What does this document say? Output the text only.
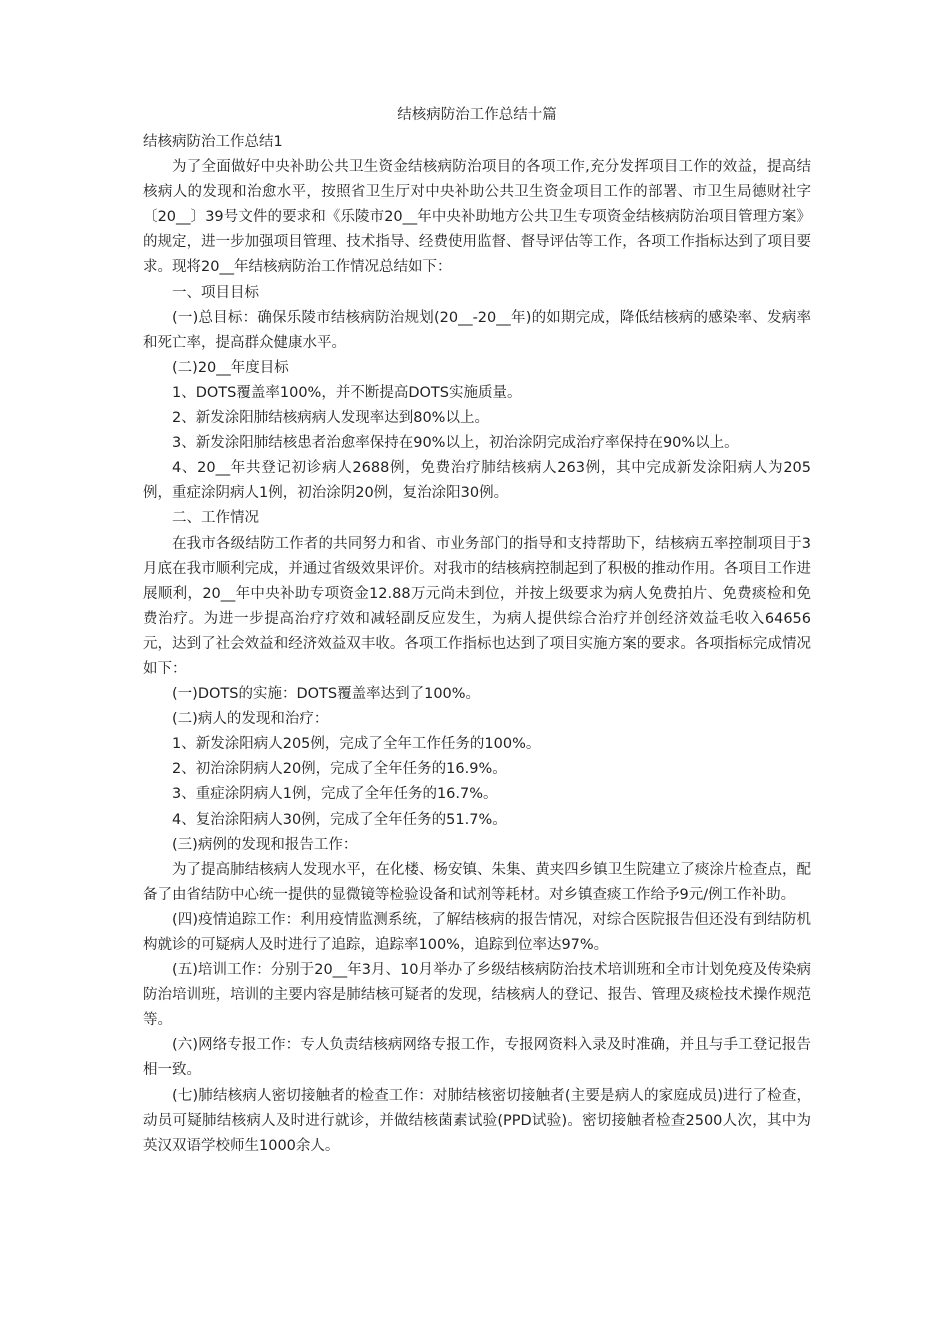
结核病防治工作总结十篇

结核病防治工作总结1

为了全面做好中央补助公共卫生资金结核病防治项目的各项工作,充分发挥项目工作的效益，提高结核病人的发现和治愈水平，按照省卫生厅对中央补助公共卫生资金项目工作的部署、市卫生局德财社字〔20__〕39号文件的要求和《乐陵市20__年中央补助地方公共卫生专项资金结核病防治项目管理方案》的规定，进一步加强项目管理、技术指导、经费使用监督、督导评估等工作，各项工作指标达到了项目要求。现将20__年结核病防治工作情况总结如下：

一、项目目标

(一)总目标：确保乐陵市结核病防治规划(20__-20__年)的如期完成，降低结核病的感染率、发病率和死亡率，提高群众健康水平。

(二)20__年度目标

1、DOTS覆盖率100%，并不断提高DOTS实施质量。

2、新发涂阳肺结核病病人发现率达到80%以上。

3、新发涂阳肺结核患者治愈率保持在90%以上，初治涂阴完成治疗率保持在90%以上。

4、20__年共登记初诊病人2688例，免费治疗肺结核病人263例，其中完成新发涂阳病人为205例，重症涂阴病人1例，初治涂阴20例，复治涂阳30例。

二、工作情况

在我市各级结防工作者的共同努力和省、市业务部门的指导和支持帮助下，结核病五率控制项目于3月底在我市顺利完成，并通过省级效果评价。对我市的结核病控制起到了积极的推动作用。各项目工作进展顺利，20__年中央补助专项资金12.88万元尚未到位，并按上级要求为病人免费拍片、免费痰检和免费治疗。为进一步提高治疗疗效和减轻副反应发生，为病人提供综合治疗并创经济效益毛收入64656元，达到了社会效益和经济效益双丰收。各项工作指标也达到了项目实施方案的要求。各项指标完成情况如下：

(一)DOTS的实施：DOTS覆盖率达到了100%。

(二)病人的发现和治疗：

1、新发涂阳病人205例，完成了全年工作任务的100%。

2、初治涂阴病人20例，完成了全年任务的16.9%。

3、重症涂阴病人1例，完成了全年任务的16.7%。

4、复治涂阳病人30例，完成了全年任务的51.7%。

(三)病例的发现和报告工作：

为了提高肺结核病人发现水平，在化楼、杨安镇、朱集、黄夹四乡镇卫生院建立了痰涂片检查点，配备了由省结防中心统一提供的显微镜等检验设备和试剂等耗材。对乡镇查痰工作给予9元/例工作补助。

(四)疫情追踪工作：利用疫情监测系统，了解结核病的报告情况，对综合医院报告但还没有到结防机构就诊的可疑病人及时进行了追踪，追踪率100%，追踪到位率达97%。

(五)培训工作：分别于20__年3月、10月举办了乡级结核病防治技术培训班和全市计划免疫及传染病防治培训班，培训的主要内容是肺结核可疑者的发现，结核病人的登记、报告、管理及痰检技术操作规范等。

(六)网络专报工作：专人负责结核病网络专报工作，专报网资料入录及时准确，并且与手工登记报告相一致。

(七)肺结核病人密切接触者的检查工作：对肺结核密切接触者(主要是病人的家庭成员)进行了检查，动员可疑肺结核病人及时进行就诊，并做结核菌素试验(PPD试验)。密切接触者检查2500人次，其中为英汉双语学校师生1000余人。
